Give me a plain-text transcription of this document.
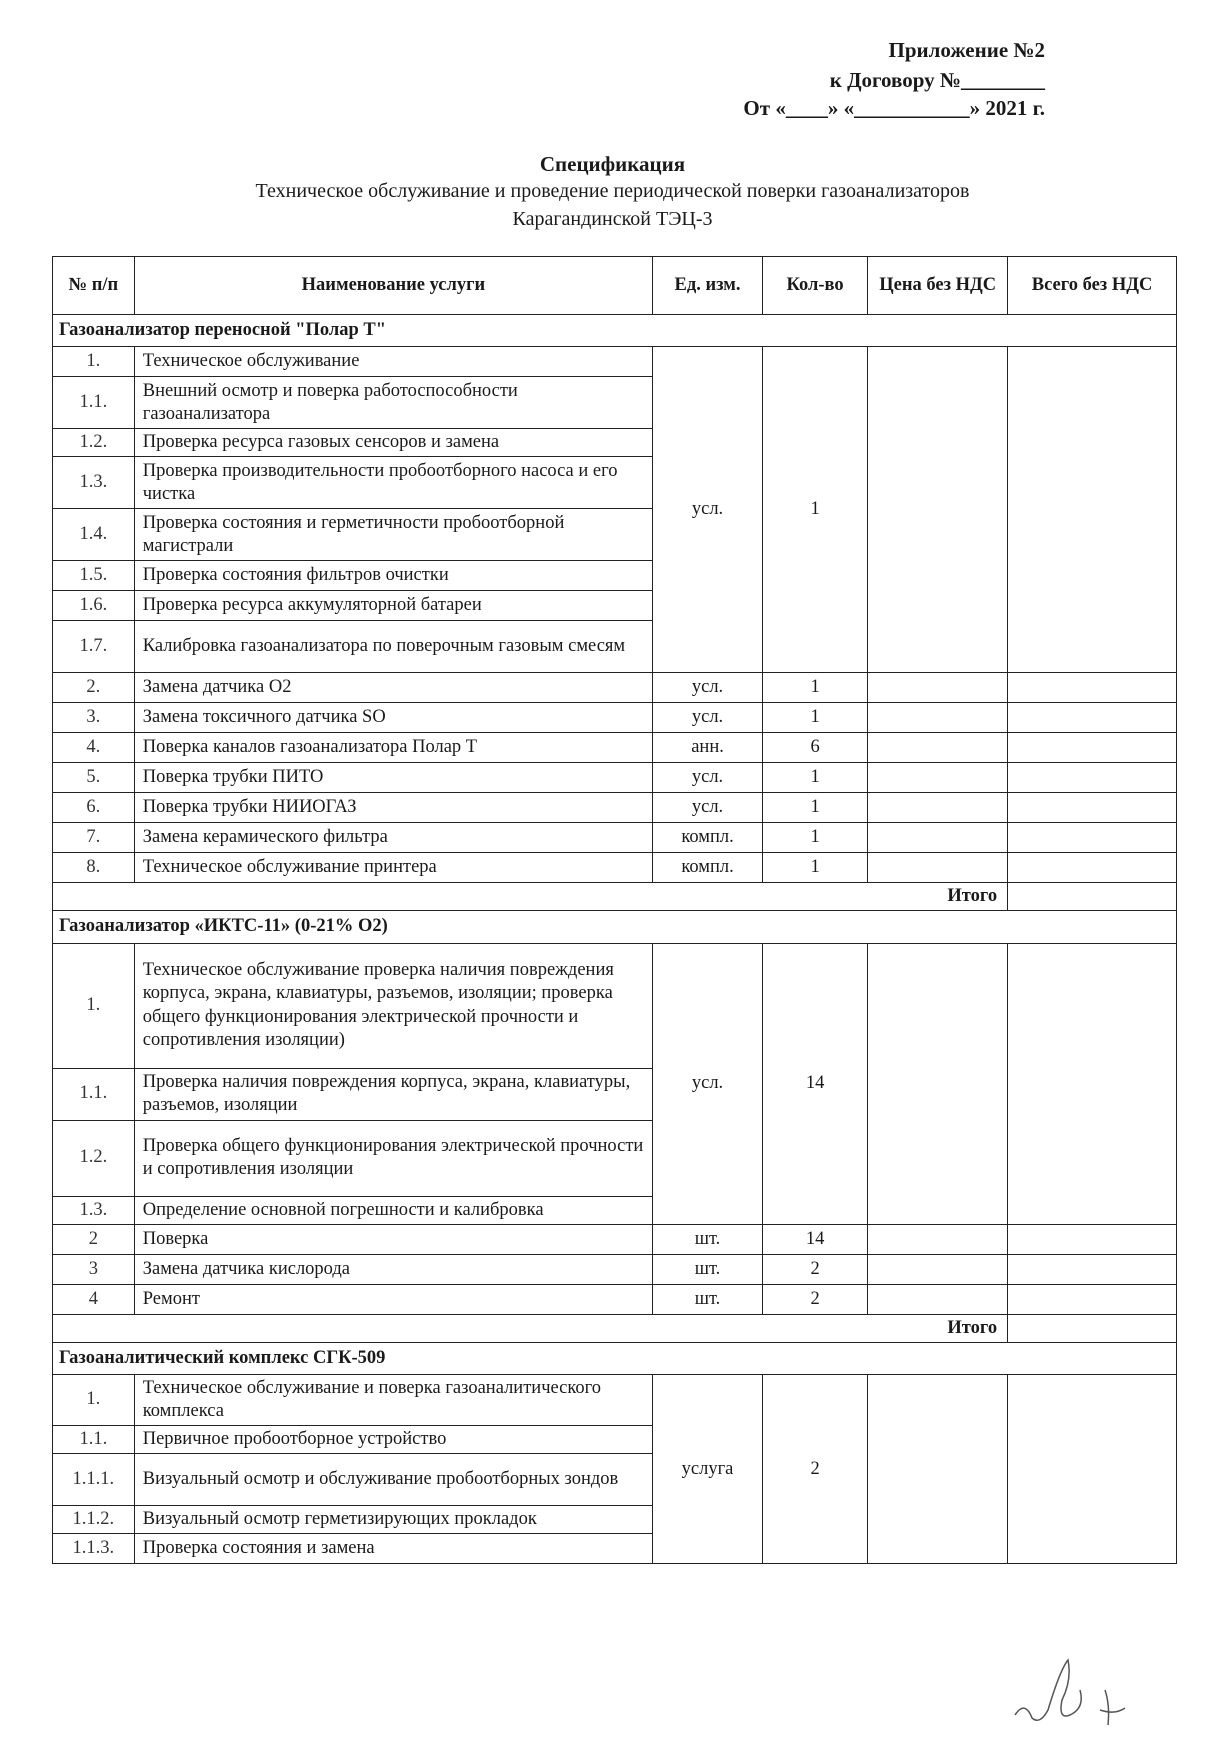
Приложение №2
к Договору №________
От «____» «___________» 2021 г.
Спецификация
Техническое обслуживание и проведение периодической поверки газоанализаторов
Карагандинской ТЭЦ-3
№ п/п	Наименование услуги	Ед. изм.	Кол-во	Цена без НДС	Всего без НДС
Газоанализатор переносной "Полар Т"					
1.	Техническое обслуживание	усл.	1		
1.1.	Внешний осмотр и поверка работоспособности газоанализатора				
1.2.	Проверка ресурса газовых сенсоров и замена				
1.3.	Проверка производительности пробоотборного насоса и его чистка				
1.4.	Проверка состояния и герметичности пробоотборной магистрали				
1.5.	Проверка состояния фильтров очистки				
1.6.	Проверка ресурса аккумуляторной батареи				
1.7.	Калибровка газоанализатора по поверочным газовым смесям				
2.	Замена датчика О2	усл.	1		
3.	Замена токсичного датчика SO	усл.	1		
4.	Поверка каналов газоанализатора Полар Т	анн.	6		
5.	Поверка трубки ПИТО	усл.	1		
6.	Поверка трубки НИИОГАЗ	усл.	1		
7.	Замена керамического фильтра	компл.	1		
8.	Техническое обслуживание принтера	компл.	1		
Итого					
Газоанализатор «ИКТС-11» (0-21% О2)					
1.	Техническое обслуживание проверка наличия повреждения корпуса, экрана, клавиатуры, разъемов, изоляции; проверка общего функционирования электрической прочности и сопротивления изоляции)	усл.	14		
1.1.	Проверка наличия повреждения корпуса, экрана, клавиатуры, разъемов, изоляции				
1.2.	Проверка общего функционирования электрической прочности и сопротивления изоляции				
1.3.	Определение основной погрешности и калибровка				
2	Поверка	шт.	14		
3	Замена датчика кислорода	шт.	2		
4	Ремонт	шт.	2		
Итого					
Газоаналитический комплекс СГК-509					
1.	Техническое обслуживание и поверка газоаналитического комплекса	услуга	2		
1.1.	Первичное пробоотборное устройство				
1.1.1.	Визуальный осмотр и обслуживание пробоотборных зондов				
1.1.2.	Визуальный осмотр герметизирующих прокладок				
1.1.3.	Проверка состояния и замена				
